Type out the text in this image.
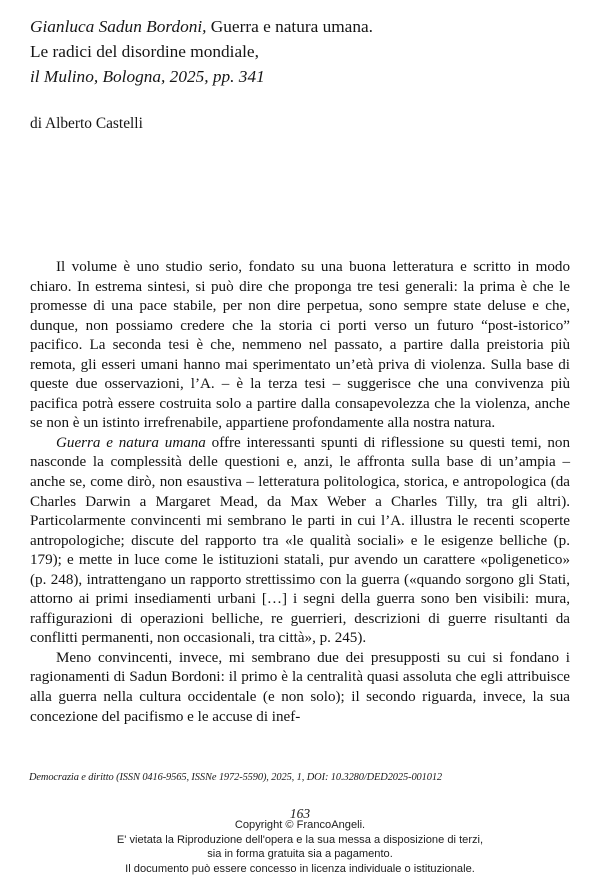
Gianluca Sadun Bordoni, Guerra e natura umana.
Le radici del disordine mondiale,
il Mulino, Bologna, 2025, pp. 341
di Alberto Castelli

Il volume è uno studio serio, fondato su una buona letteratura e scritto in modo chiaro. In estrema sintesi, si può dire che proponga tre tesi generali: la prima è che le promesse di una pace stabile, per non dire perpetua, sono sempre state deluse e che, dunque, non possiamo credere che la storia ci porti verso un futuro “post-istorico” pacifico. La seconda tesi è che, nemmeno nel passato, a partire dalla preistoria più remota, gli esseri umani hanno mai sperimentato un’età priva di violenza. Sulla base di queste due osservazioni, l’A. – è la terza tesi – suggerisce che una convivenza più pacifica potrà essere costruita solo a partire dalla consapevolezza che la violenza, anche se non è un istinto irrefrenabile, appartiene profondamente alla nostra natura.

Guerra e natura umana offre interessanti spunti di riflessione su questi temi, non nasconde la complessità delle questioni e, anzi, le affronta sulla base di un’ampia – anche se, come dirò, non esaustiva – letteratura politologica, storica, e antropologica (da Charles Darwin a Margaret Mead, da Max Weber a Charles Tilly, tra gli altri). Particolarmente convincenti mi sembrano le parti in cui l’A. illustra le recenti scoperte antropologiche; discute del rapporto tra «le qualità sociali» e le esigenze belliche (p. 179); e mette in luce come le istituzioni statali, pur avendo un carattere «poligenetico» (p. 248), intrattengano un rapporto strettissimo con la guerra («quando sorgono gli Stati, attorno ai primi insediamenti urbani […] i segni della guerra sono ben visibili: mura, raffigurazioni di operazioni belliche, re guerrieri, descrizioni di guerre risultanti da conflitti permanenti, non occasionali, tra città», p. 245).

Meno convincenti, invece, mi sembrano due dei presupposti su cui si fondano i ragionamenti di Sadun Bordoni: il primo è la centralità quasi assoluta che egli attribuisce alla guerra nella cultura occidentale (e non solo); il secondo riguarda, invece, la sua concezione del pacifismo e le accuse di inef-

Democrazia e diritto (ISSN 0416-9565, ISSNe 1972-5590), 2025, 1, DOI: 10.3280/DED2025-001012
163
Copyright © FrancoAngeli.
E' vietata la Riproduzione dell'opera e la sua messa a disposizione di terzi,
sia in forma gratuita sia a pagamento.
Il documento può essere concesso in licenza individuale o istituzionale.
